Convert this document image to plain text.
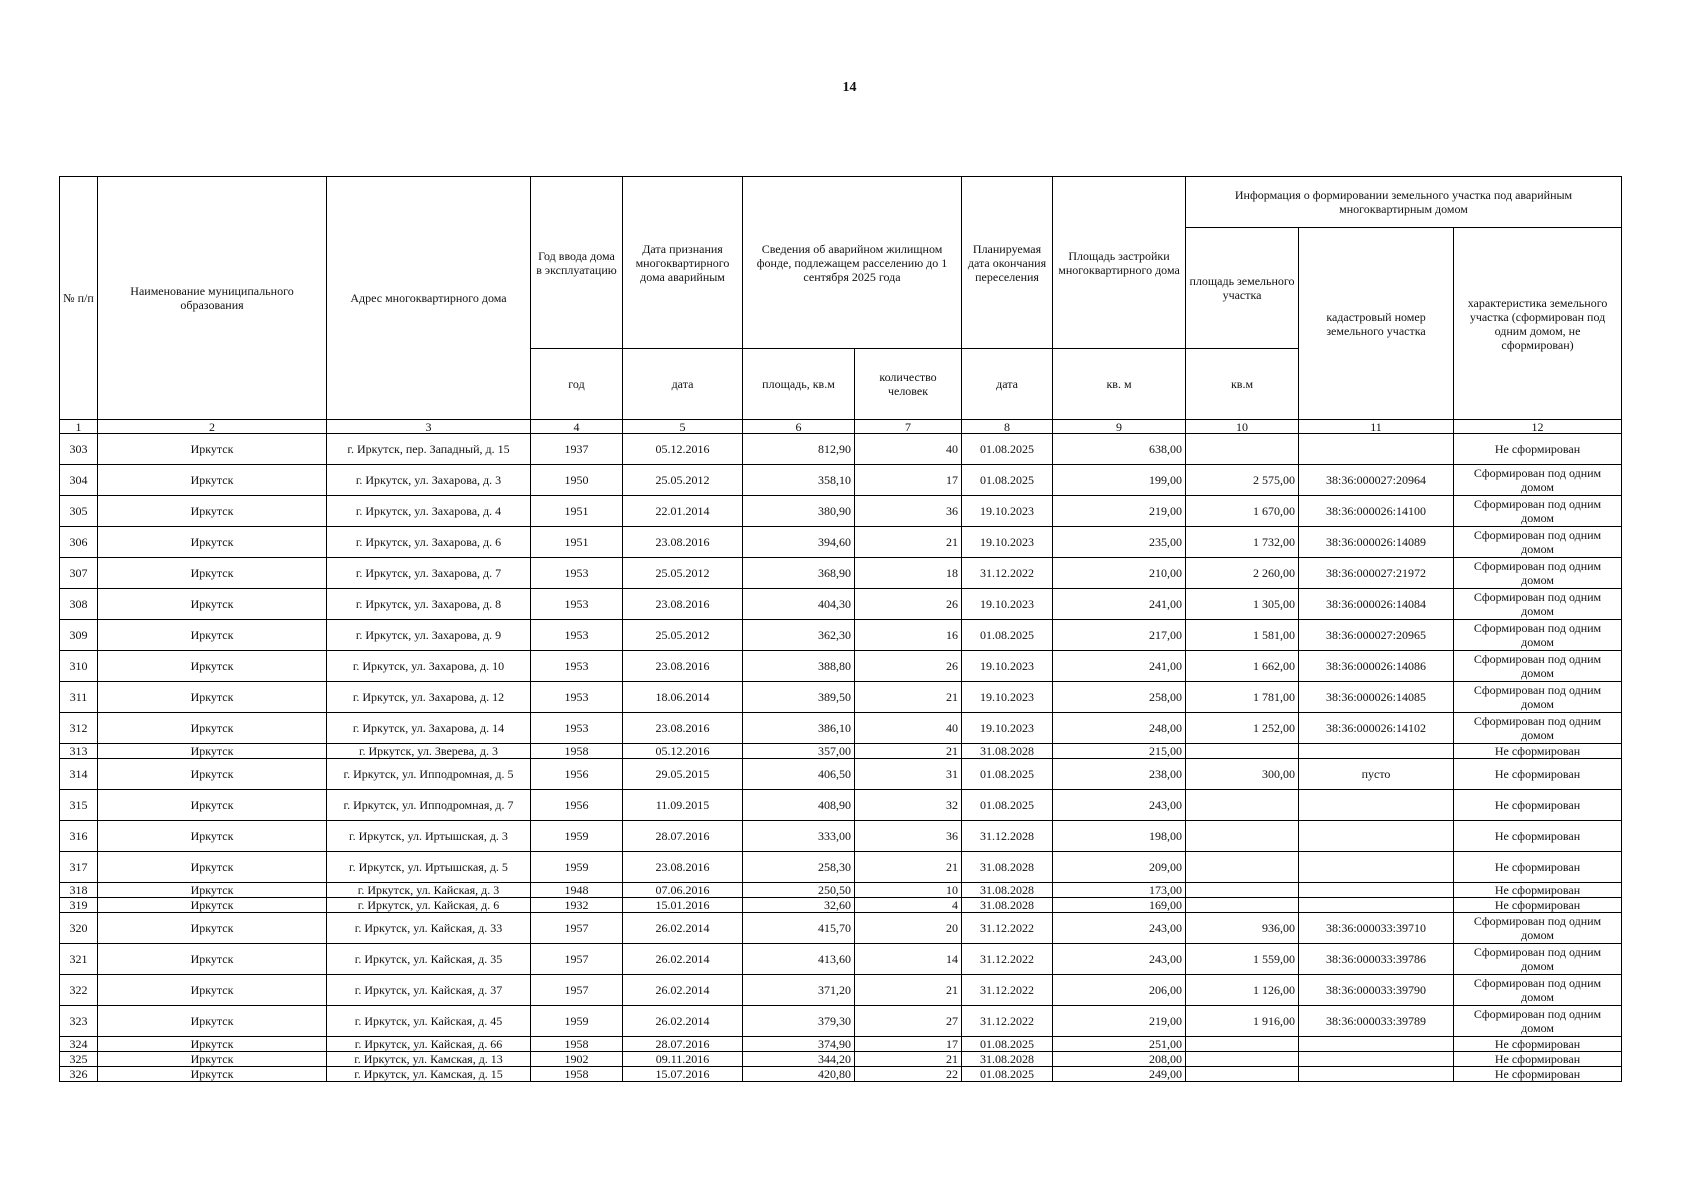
14
№ п/п	Наименование муниципального образования	Адрес многоквартирного дома	Год ввода дома в эксплуатацию	Дата признания многоквартирного дома аварийным	Сведения об аварийном жилищном фонде, подлежащем расселению до 1 сентября 2025 года		Планируемая дата окончания переселения	Площадь застройки многоквартирного дома	Информация о формировании земельного участка под аварийным многоквартирным домом		
									площадь земельного участка	кадастровый номер земельного участка	характеристика земельного участка (сформирован под одним домом, не сформирован)
			год	дата	площадь, кв.м	количество человек	дата	кв. м	кв.м		
1	2	3	4	5	6	7	8	9	10	11	12
303	Иркутск	г. Иркутск, пер. Западный, д. 15	1937	05.12.2016	812,90	40	01.08.2025	638,00			Не сформирован
304	Иркутск	г. Иркутск, ул. Захарова, д. 3	1950	25.05.2012	358,10	17	01.08.2025	199,00	2 575,00	38:36:000027:20964	Сформирован под одним домом
305	Иркутск	г. Иркутск, ул. Захарова, д. 4	1951	22.01.2014	380,90	36	19.10.2023	219,00	1 670,00	38:36:000026:14100	Сформирован под одним домом
306	Иркутск	г. Иркутск, ул. Захарова, д. 6	1951	23.08.2016	394,60	21	19.10.2023	235,00	1 732,00	38:36:000026:14089	Сформирован под одним домом
307	Иркутск	г. Иркутск, ул. Захарова, д. 7	1953	25.05.2012	368,90	18	31.12.2022	210,00	2 260,00	38:36:000027:21972	Сформирован под одним домом
308	Иркутск	г. Иркутск, ул. Захарова, д. 8	1953	23.08.2016	404,30	26	19.10.2023	241,00	1 305,00	38:36:000026:14084	Сформирован под одним домом
309	Иркутск	г. Иркутск, ул. Захарова, д. 9	1953	25.05.2012	362,30	16	01.08.2025	217,00	1 581,00	38:36:000027:20965	Сформирован под одним домом
310	Иркутск	г. Иркутск, ул. Захарова, д. 10	1953	23.08.2016	388,80	26	19.10.2023	241,00	1 662,00	38:36:000026:14086	Сформирован под одним домом
311	Иркутск	г. Иркутск, ул. Захарова, д. 12	1953	18.06.2014	389,50	21	19.10.2023	258,00	1 781,00	38:36:000026:14085	Сформирован под одним домом
312	Иркутск	г. Иркутск, ул. Захарова, д. 14	1953	23.08.2016	386,10	40	19.10.2023	248,00	1 252,00	38:36:000026:14102	Сформирован под одним домом
313	Иркутск	г. Иркутск, ул. Зверева, д. 3	1958	05.12.2016	357,00	21	31.08.2028	215,00			Не сформирован
314	Иркутск	г. Иркутск, ул. Ипподромная, д. 5	1956	29.05.2015	406,50	31	01.08.2025	238,00	300,00	пусто	Не сформирован
315	Иркутск	г. Иркутск, ул. Ипподромная, д. 7	1956	11.09.2015	408,90	32	01.08.2025	243,00			Не сформирован
316	Иркутск	г. Иркутск, ул. Иртышская, д. 3	1959	28.07.2016	333,00	36	31.12.2028	198,00			Не сформирован
317	Иркутск	г. Иркутск, ул. Иртышская, д. 5	1959	23.08.2016	258,30	21	31.08.2028	209,00			Не сформирован
318	Иркутск	г. Иркутск, ул. Кайская, д. 3	1948	07.06.2016	250,50	10	31.08.2028	173,00			Не сформирован
319	Иркутск	г. Иркутск, ул. Кайская, д. 6	1932	15.01.2016	32,60	4	31.08.2028	169,00			Не сформирован
320	Иркутск	г. Иркутск, ул. Кайская, д. 33	1957	26.02.2014	415,70	20	31.12.2022	243,00	936,00	38:36:000033:39710	Сформирован под одним домом
321	Иркутск	г. Иркутск, ул. Кайская, д. 35	1957	26.02.2014	413,60	14	31.12.2022	243,00	1 559,00	38:36:000033:39786	Сформирован под одним домом
322	Иркутск	г. Иркутск, ул. Кайская, д. 37	1957	26.02.2014	371,20	21	31.12.2022	206,00	1 126,00	38:36:000033:39790	Сформирован под одним домом
323	Иркутск	г. Иркутск, ул. Кайская, д. 45	1959	26.02.2014	379,30	27	31.12.2022	219,00	1 916,00	38:36:000033:39789	Сформирован под одним домом
324	Иркутск	г. Иркутск, ул. Кайская, д. 66	1958	28.07.2016	374,90	17	01.08.2025	251,00			Не сформирован
325	Иркутск	г. Иркутск, ул. Камская, д. 13	1902	09.11.2016	344,20	21	31.08.2028	208,00			Не сформирован
326	Иркутск	г. Иркутск, ул. Камская, д. 15	1958	15.07.2016	420,80	22	01.08.2025	249,00			Не сформирован
